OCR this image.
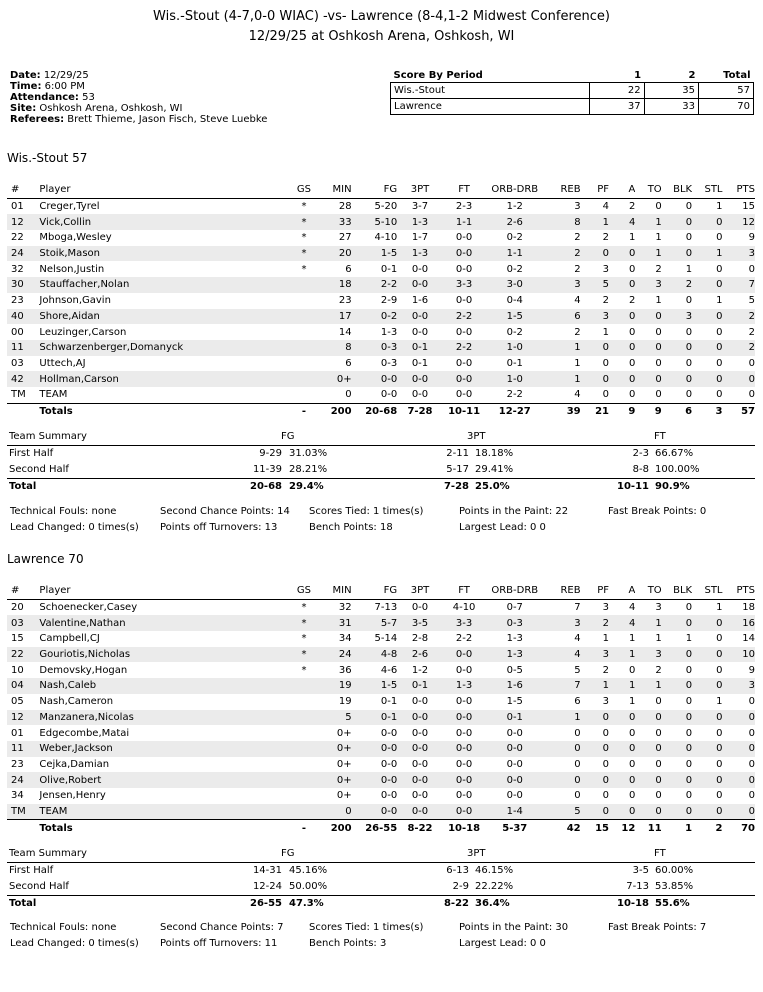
Wis.-Stout (4-7,0-0 WIAC) -vs- Lawrence (8-4,1-2 Midwest Conference)
12/29/25 at Oshkosh Arena, Oshkosh, WI
Date: 12/29/25
Time: 6:00 PM
Attendance: 53
Site: Oshkosh Arena, Oshkosh, WI
Referees: Brett Thieme, Jason Fisch, Steve Luebke
Score By Period	1	2	Total
Wis.-Stout	22	35	57
Lawrence	37	33	70
Wis.-Stout 57
#	Player	GS	MIN	FG	3PT	FT	ORB-DRB	REB	PF	A	TO	BLK	STL	PTS
01	Creger,Tyrel	*	28	5-20	3-7	2-3	1-2	3	4	2	0	0	1	15
12	Vick,Collin	*	33	5-10	1-3	1-1	2-6	8	1	4	1	0	0	12
22	Mboga,Wesley	*	27	4-10	1-7	0-0	0-2	2	2	1	1	0	0	9
24	Stoik,Mason	*	20	1-5	1-3	0-0	1-1	2	0	0	1	0	1	3
32	Nelson,Justin	*	6	0-1	0-0	0-0	0-2	2	3	0	2	1	0	0
30	Stauffacher,Nolan		18	2-2	0-0	3-3	3-0	3	5	0	3	2	0	7
23	Johnson,Gavin		23	2-9	1-6	0-0	0-4	4	2	2	1	0	1	5
40	Shore,Aidan		17	0-2	0-0	2-2	1-5	6	3	0	0	3	0	2
00	Leuzinger,Carson		14	1-3	0-0	0-0	0-2	2	1	0	0	0	0	2
11	Schwarzenberger,Domanyck		8	0-3	0-1	2-2	1-0	1	0	0	0	0	0	2
03	Uttech,AJ		6	0-3	0-1	0-0	0-1	1	0	0	0	0	0	0
42	Hollman,Carson		0+	0-0	0-0	0-0	1-0	1	0	0	0	0	0	0
TM	TEAM		0	0-0	0-0	0-0	2-2	4	0	0	0	0	0	0
	Totals	-	200	20-68	7-28	10-11	12-27	39	21	9	9	6	3	57
Team Summary	FG	3PT	FT
First Half	9-29 31.03%	2-11 18.18%	2-3 66.67%
Second Half	11-39 28.21%	5-17 29.41%	8-8 100.00%
Total	20-68 29.4%	7-28 25.0%	10-11 90.9%
Technical Fouls: none	Second Chance Points: 14 Scores Tied: 1 times(s)	Points in the Paint: 22	Fast Break Points: 0
Lead Changed: 0 times(s) Points off Turnovers: 13	Bench Points: 18	Largest Lead: 0 0
Lawrence 70
#	Player	GS	MIN	FG	3PT	FT	ORB-DRB	REB	PF	A	TO	BLK	STL	PTS
20	Schoenecker,Casey	*	32	7-13	0-0	4-10	0-7	7	3	4	3	0	1	18
03	Valentine,Nathan	*	31	5-7	3-5	3-3	0-3	3	2	4	1	0	0	16
15	Campbell,CJ	*	34	5-14	2-8	2-2	1-3	4	1	1	1	1	0	14
22	Gouriotis,Nicholas	*	24	4-8	2-6	0-0	1-3	4	3	1	3	0	0	10
10	Demovsky,Hogan	*	36	4-6	1-2	0-0	0-5	5	2	0	2	0	0	9
04	Nash,Caleb		19	1-5	0-1	1-3	1-6	7	1	1	1	0	0	3
05	Nash,Cameron		19	0-1	0-0	0-0	1-5	6	3	1	0	0	1	0
12	Manzanera,Nicolas		5	0-1	0-0	0-0	0-1	1	0	0	0	0	0	0
01	Edgecombe,Matai		0+	0-0	0-0	0-0	0-0	0	0	0	0	0	0	0
11	Weber,Jackson		0+	0-0	0-0	0-0	0-0	0	0	0	0	0	0	0
23	Cejka,Damian		0+	0-0	0-0	0-0	0-0	0	0	0	0	0	0	0
24	Olive,Robert		0+	0-0	0-0	0-0	0-0	0	0	0	0	0	0	0
34	Jensen,Henry		0+	0-0	0-0	0-0	0-0	0	0	0	0	0	0	0
TM	TEAM		0	0-0	0-0	0-0	1-4	5	0	0	0	0	0	0
	Totals	-	200	26-55	8-22	10-18	5-37	42	15	12	11	1	2	70
Team Summary	FG	3PT	FT
First Half	14-31 45.16%	6-13 46.15%	3-5 60.00%
Second Half	12-24 50.00%	2-9 22.22%	7-13 53.85%
Total	26-55 47.3%	8-22 36.4%	10-18 55.6%
Technical Fouls: none	Second Chance Points: 7	Scores Tied: 1 times(s)	Points in the Paint: 30	Fast Break Points: 7
Lead Changed: 0 times(s) Points off Turnovers: 11	Bench Points: 3	Largest Lead: 0 0
